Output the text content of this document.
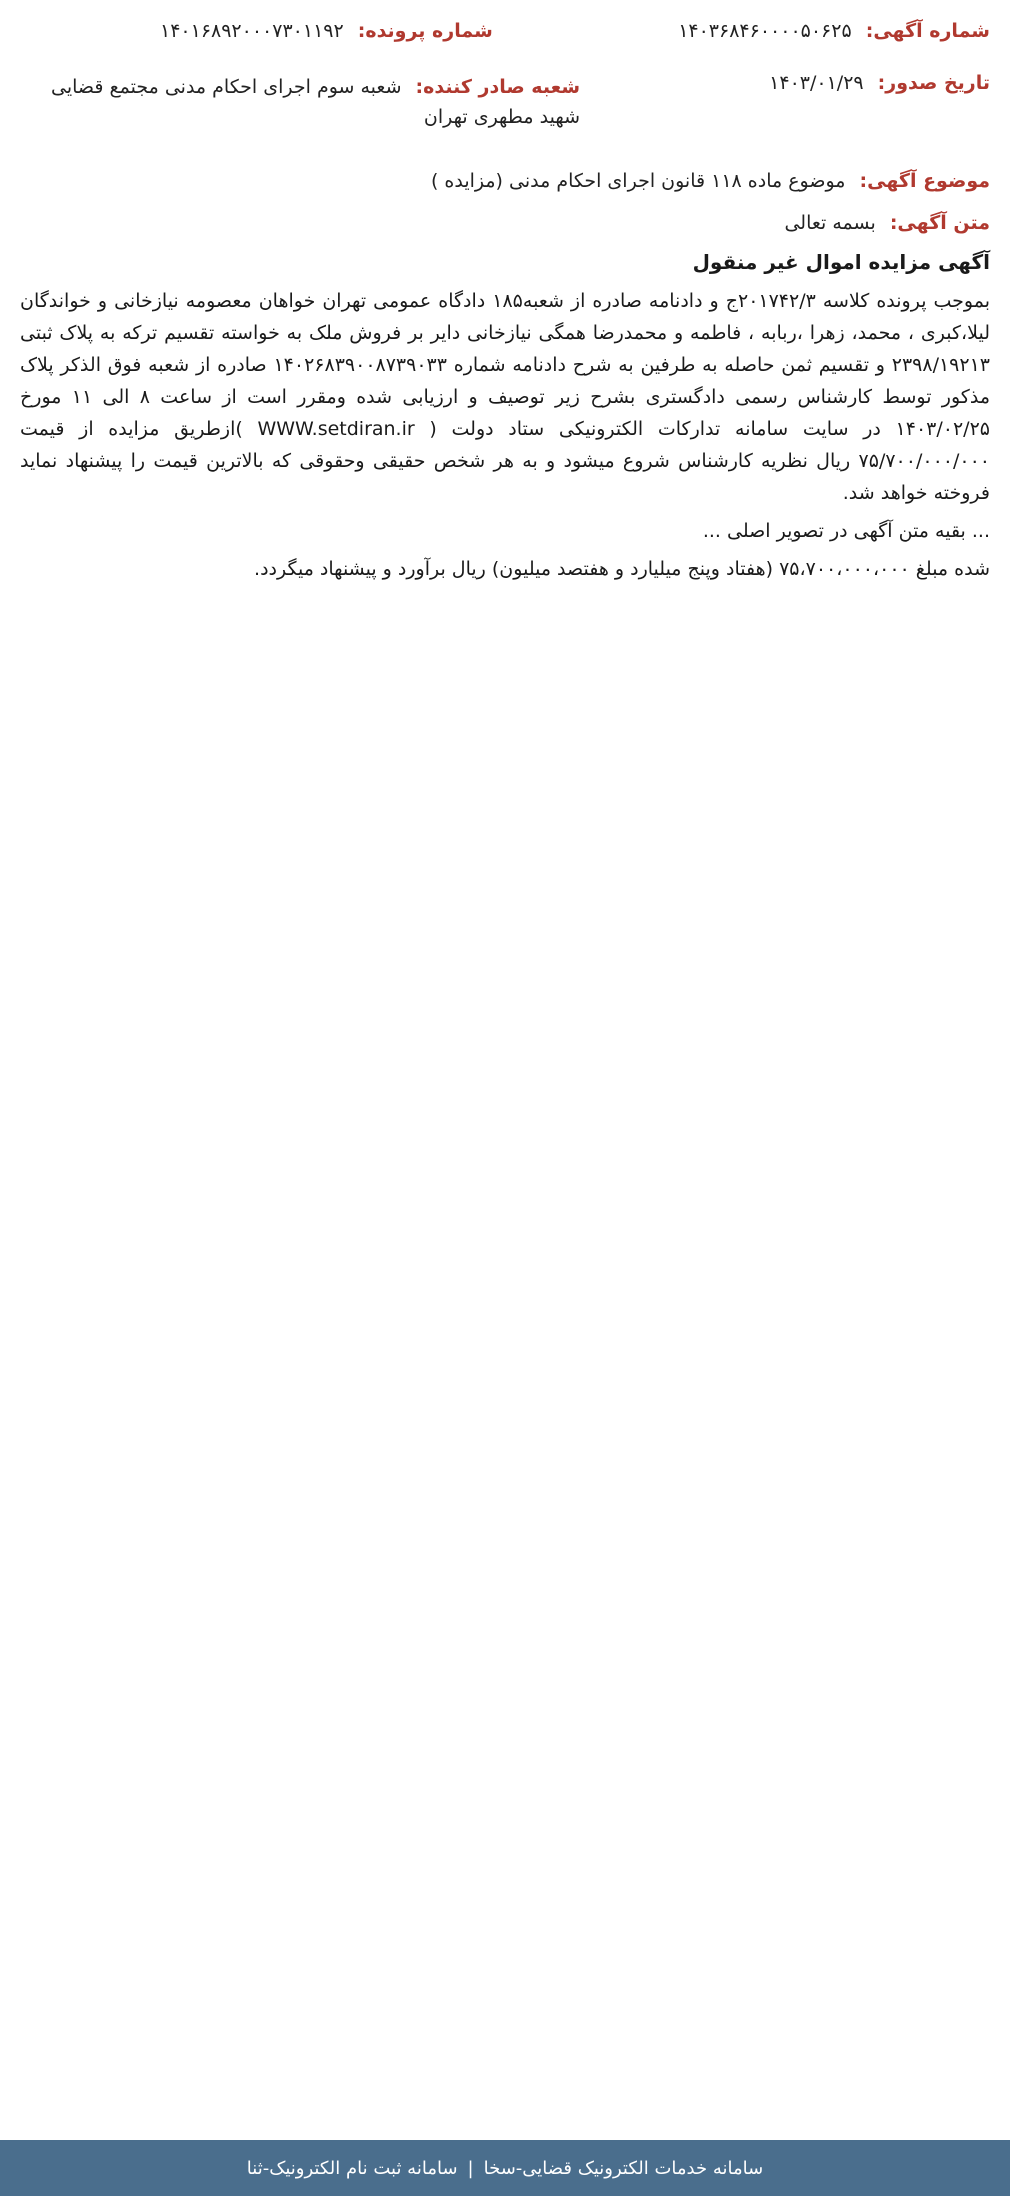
شماره آگهی: ۱۴۰۳۶۸۴۶۰۰۰۰۵۰۶۲۵
شماره پرونده: ۱۴۰۱۶۸۹۲۰۰۰۷۳۰۱۱۹۲
تاریخ صدور: ۱۴۰۳/۰۱/۲۹
شعبه صادر کننده: شعبه سوم اجرای احکام مدنی مجتمع قضایی شهید مطهری تهران
موضوع آگهی: موضوع ماده ۱۱۸ قانون اجرای احکام مدنی (مزایده )
متن آگهی: بسمه تعالی
آگهی مزایده اموال غیر منقول

بموجب پرونده کلاسه ۲۰۱۷۴۲/۳ج و دادنامه صادره از شعبه۱۸۵ دادگاه عمومی تهران خواهان معصومه نیازخانی و خواندگان لیلا،کبری ، محمد، زهرا ،ربابه ، فاطمه و محمدرضا همگی نیازخانی دایر بر فروش ملک به خواسته تقسیم ترکه به پلاک ثبتی ۲۳۹۸/۱۹۲۱۳ و تقسیم ثمن حاصله به طرفین به شرح دادنامه شماره ۱۴۰۲۶۸۳۹۰۰۸۷۳۹۰۳۳ صادره از شعبه فوق الذکر پلاک مذکور توسط کارشناس رسمی دادگستری بشرح زیر توصیف و ارزیابی شده ومقرر است از ساعت ۸ الی ۱۱ مورخ ۱۴۰۳/۰۲/۲۵ در سایت سامانه تدارکات الکترونیکی ستاد دولت ( WWW.setdiran.ir )ازطریق مزایده از قیمت ۷۵/۷۰۰/۰۰۰/۰۰۰ ریال نظریه کارشناس شروع میشود و به هر شخص حقیقی وحقوقی که بالاترین قیمت را پیشنهاد نماید فروخته خواهد شد.

... بقیه متن آگهی در تصویر اصلی ...

شده مبلغ ۷۵،۷۰۰،۰۰۰،۰۰۰ (هفتاد وپنج میلیارد و هفتصد میلیون) ریال برآورد و پیشنهاد میگردد.

سامانه خدمات الکترونیک قضایی-سخا
|
سامانه ثبت نام الکترونیک-ثنا
